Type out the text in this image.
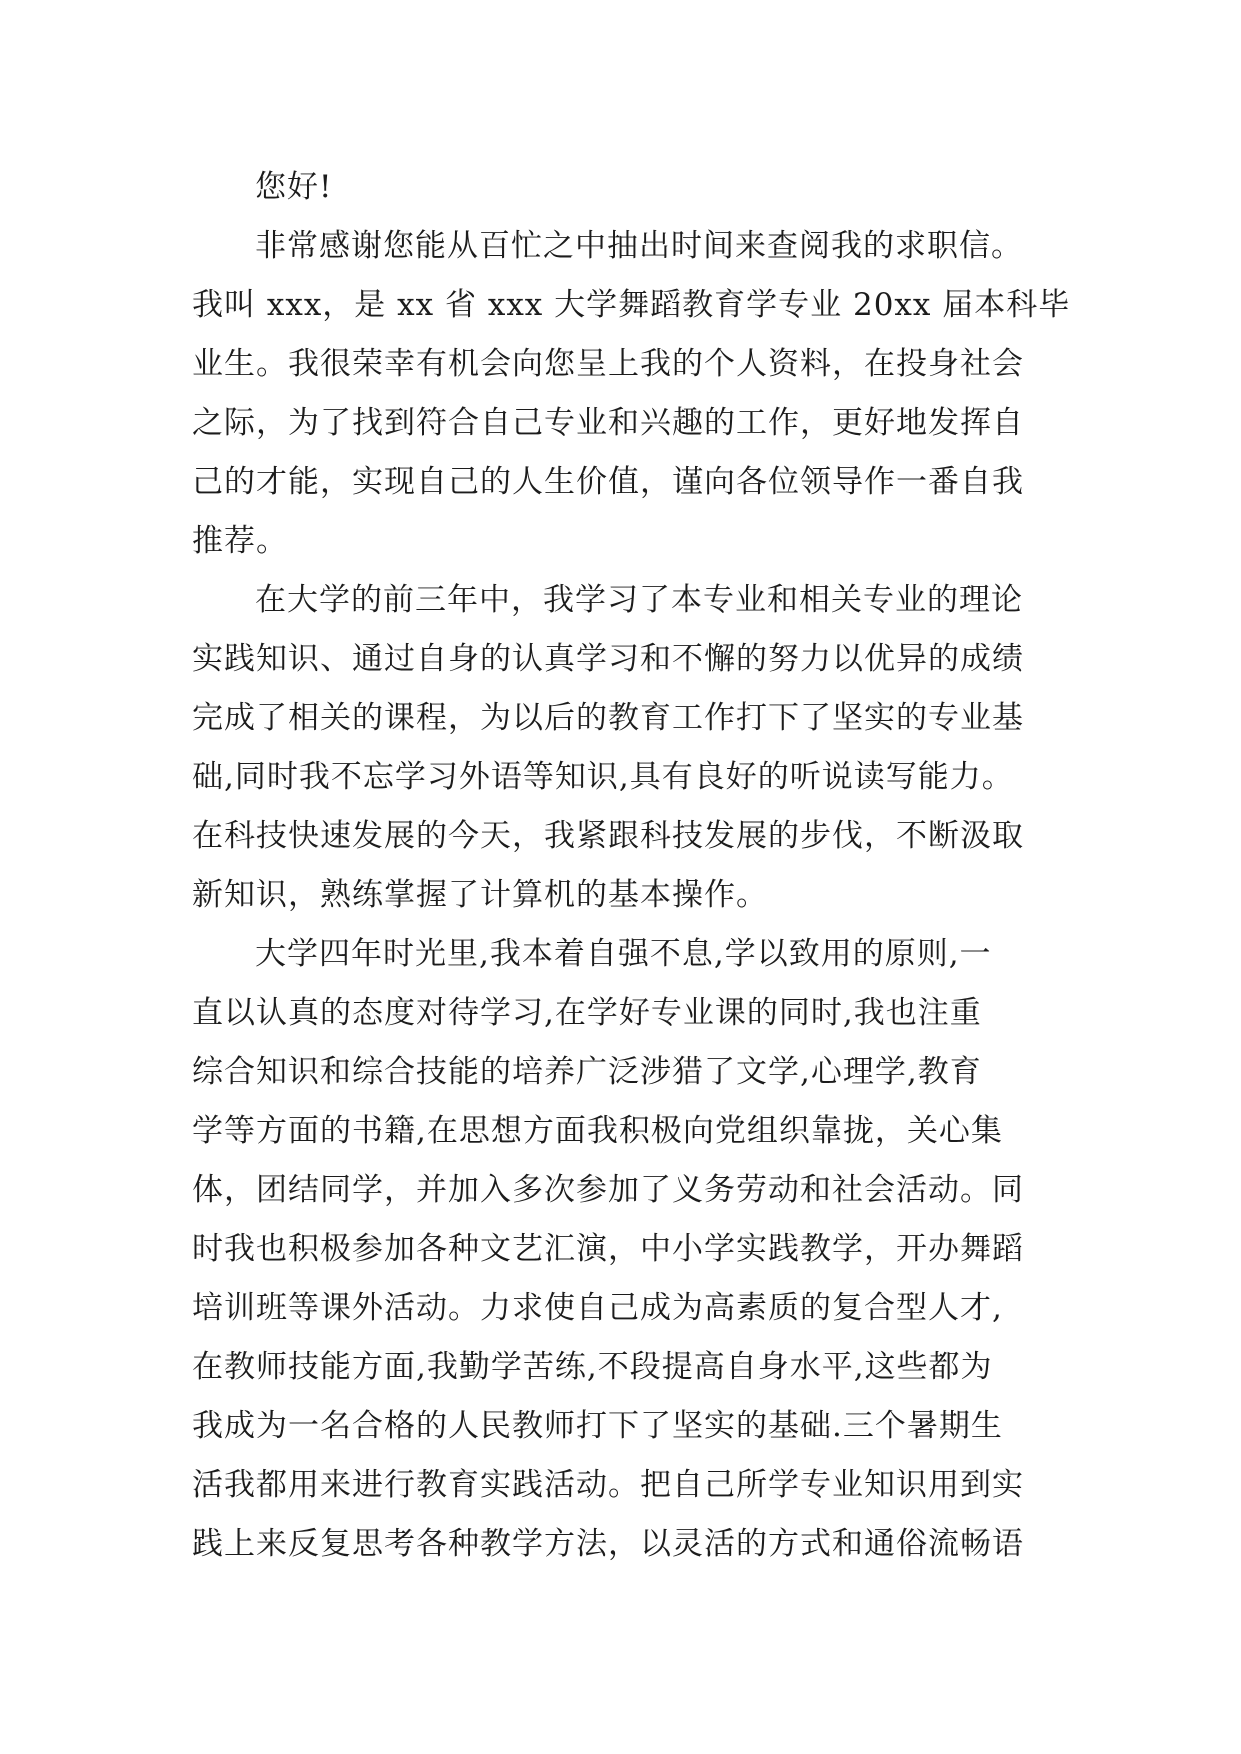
您好!
非常感谢您能从百忙之中抽出时间来查阅我的求职信。
我叫 xxx，是 xx 省 xxx 大学舞蹈教育学专业 20xx 届本科毕
业生。我很荣幸有机会向您呈上我的个人资料，在投身社会
之际，为了找到符合自己专业和兴趣的工作，更好地发挥自
己的才能，实现自己的人生价值，谨向各位领导作一番自我
推荐。
在大学的前三年中，我学习了本专业和相关专业的理论
实践知识、通过自身的认真学习和不懈的努力以优异的成绩
完成了相关的课程，为以后的教育工作打下了坚实的专业基
础,同时我不忘学习外语等知识,具有良好的听说读写能力。
在科技快速发展的今天，我紧跟科技发展的步伐，不断汲取
新知识，熟练掌握了计算机的基本操作。
大学四年时光里,我本着自强不息,学以致用的原则,一
直以认真的态度对待学习,在学好专业课的同时,我也注重
综合知识和综合技能的培养广泛涉猎了文学,心理学,教育
学等方面的书籍,在思想方面我积极向党组织靠拢，关心集
体，团结同学，并加入多次参加了义务劳动和社会活动。同
时我也积极参加各种文艺汇演，中小学实践教学，开办舞蹈
培训班等课外活动。力求使自己成为高素质的复合型人才,
在教师技能方面,我勤学苦练,不段提高自身水平,这些都为
我成为一名合格的人民教师打下了坚实的基础.三个暑期生
活我都用来进行教育实践活动。把自己所学专业知识用到实
践上来反复思考各种教学方法，以灵活的方式和通俗流畅语
